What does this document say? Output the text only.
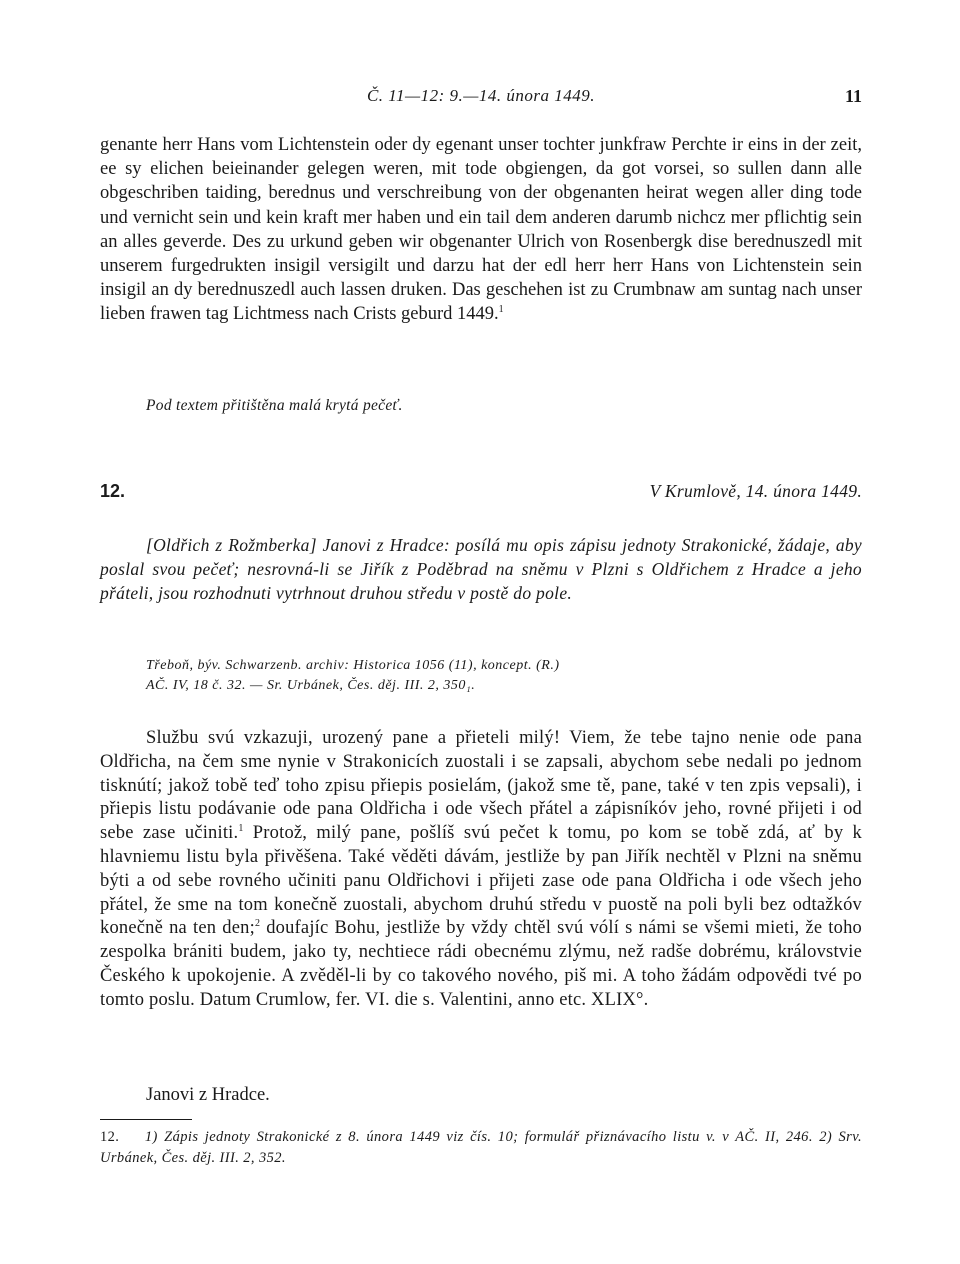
Č. 11—12: 9.—14. února 1449.	11

genante herr Hans vom Lichtenstein oder dy egenant unser tochter junkfraw Perchte ir eins in der zeit, ee sy elichen beieinander gelegen weren, mit tode obgiengen, da got vorsei, so sullen dann alle obgeschriben taiding, berednus und verschreibung von der obgenanten heirat wegen aller ding tode und vernicht sein und kein kraft mer haben und ein tail dem anderen darumb nichcz mer pflichtig sein an alles geverde. Des zu urkund geben wir obgenanter Ulrich von Rosenbergk dise berednuszedl mit unserem furgedrukten insigil versigilt und darzu hat der edl herr herr Hans von Lichtenstein sein insigil an dy berednuszedl auch lassen druken. Das geschehen ist zu Crumbnaw am suntag nach unser lieben frawen tag Lichtmess nach Crists geburd 1449.$^1$

Pod textem přitištěna malá krytá pečeť.
12.	V Krumlově, 14. února 1449.

[Oldřich z Rožmberka] Janovi z Hradce: posílá mu opis zápisu jednoty Strakonické, žádaje, aby poslal svou pečeť; nesrovná-li se Jiřík z Poděbrad na sněmu v Plzni s Oldřichem z Hradce a jeho přáteli, jsou rozhodnuti vytrhnout druhou středu v postě do pole.

Třeboň, býv. Schwarzenb. archiv: Historica 1056 (11), koncept. (R.)
AČ. IV, 18 č. 32. — Sr. Urbánek, Čes. děj. III. 2, 350₁.

Službu svú vzkazuji, urozený pane a přieteli milý! Viem, že tebe tajno nenie ode pana Oldřicha, na čem sme nynie v Strakonicích zuostali i se zapsali, abychom sebe nedali po jednom tisknútí; jakož tobě teď toho zpisu přiepis posielám, (jakož sme tě, pane, také v ten zpis vepsali), i přiepis listu podávanie ode pana Oldřicha i ode všech přátel a zápisníkóv jeho, rovné přijeti i od sebe zase učiniti.$^1$ Protož, milý pane, pošlíš svú pečet k tomu, po kom se tobě zdá, ať by k hlavniemu listu byla přivěšena. Také věděti dávám, jestliže by pan Jiřík nechtěl v Plzni na sněmu býti a od sebe rovného učiniti panu Oldřichovi i přijeti zase ode pana Oldřicha i ode všech jeho přátel, že sme na tom konečně zuostali, abychom druhú středu v puostě na poli byli bez odtažkóv konečně na ten den;$^2$ doufajíc Bohu, jestliže by vždy chtěl svú vólí s námi se všemi mieti, že toho zespolka brániti budem, jako ty, nechtiece rádi obecnému zlýmu, než radše dobrému, královstvie Českého k upokojenie. A zvěděl-li by co takového nového, piš mi. A toho žádám odpovědi tvé po tomto poslu. Datum Crumlow, fer. VI. die s. Valentini, anno etc. XLIX°.

Janovi z Hradce.
12. 1) Zápis jednoty Strakonické z 8. února 1449 viz čís. 10; formulář přiznávacího listu v. v AČ. II, 246. 2) Srv. Urbánek, Čes. děj. III. 2, 352.
